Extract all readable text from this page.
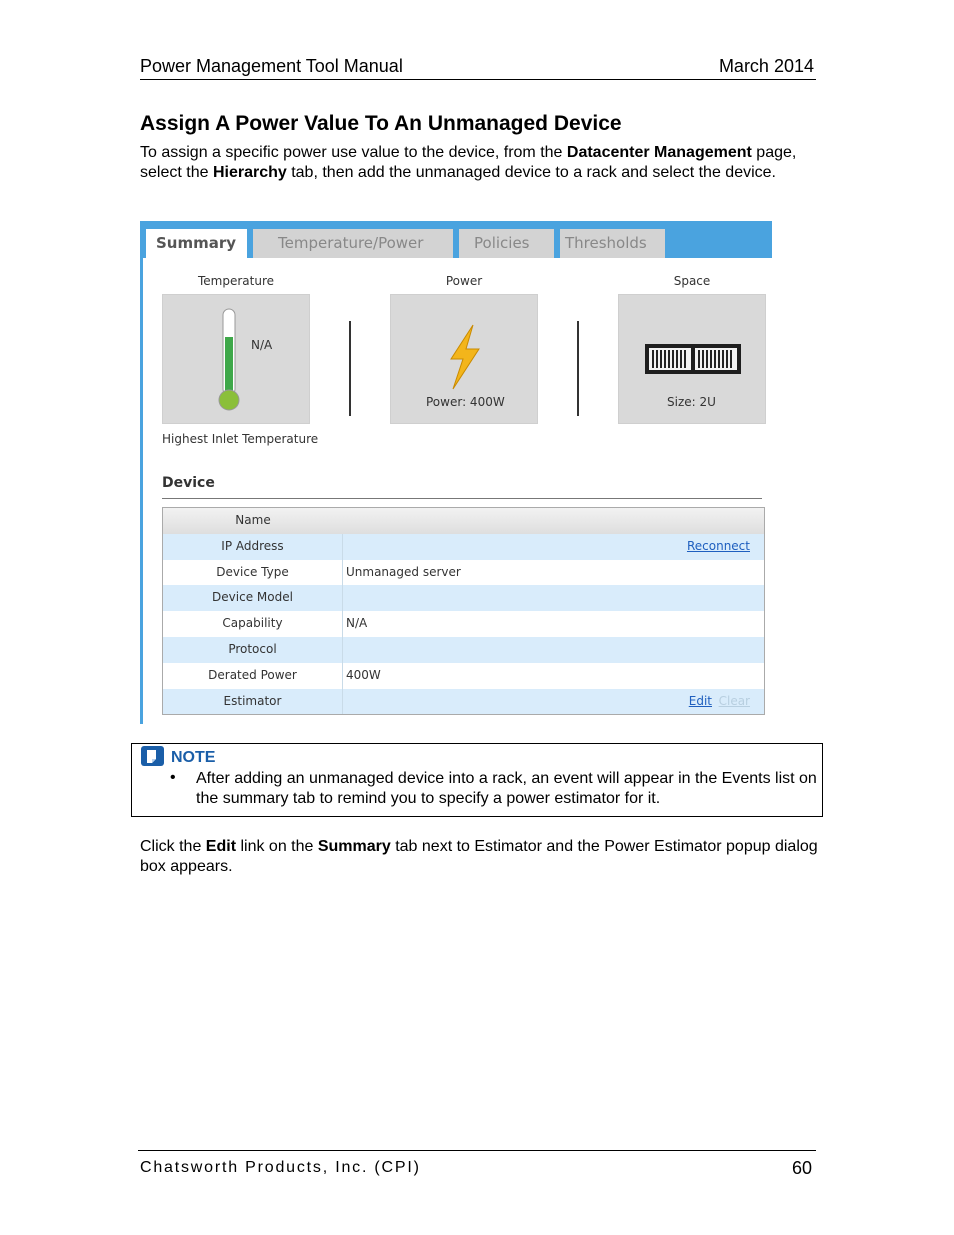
Power Management Tool Manual	March 2014
Assign A Power Value To An Unmanaged Device

To assign a specific power use value to the device, from the Datacenter Management page, select the Hierarchy tab, then add the unmanaged device to a rack and select the device.

Summary	Temperature/Power	Policies	Thresholds
Temperature
N/A
Highest Inlet Temperature
Power
Power: 400W
Space
Size: 2U
Device
Name
IP Address	Reconnect
Device Type	Unmanaged server
Device Model
Capability	N/A
Protocol
Derated Power	400W
Estimator	Edit Clear
NOTE
• After adding an unmanaged device into a rack, an event will appear in the Events list on the summary tab to remind you to specify a power estimator for it.

Click the Edit link on the Summary tab next to Estimator and the Power Estimator popup dialog box appears.

Chatsworth Products, Inc. (CPI)	60
